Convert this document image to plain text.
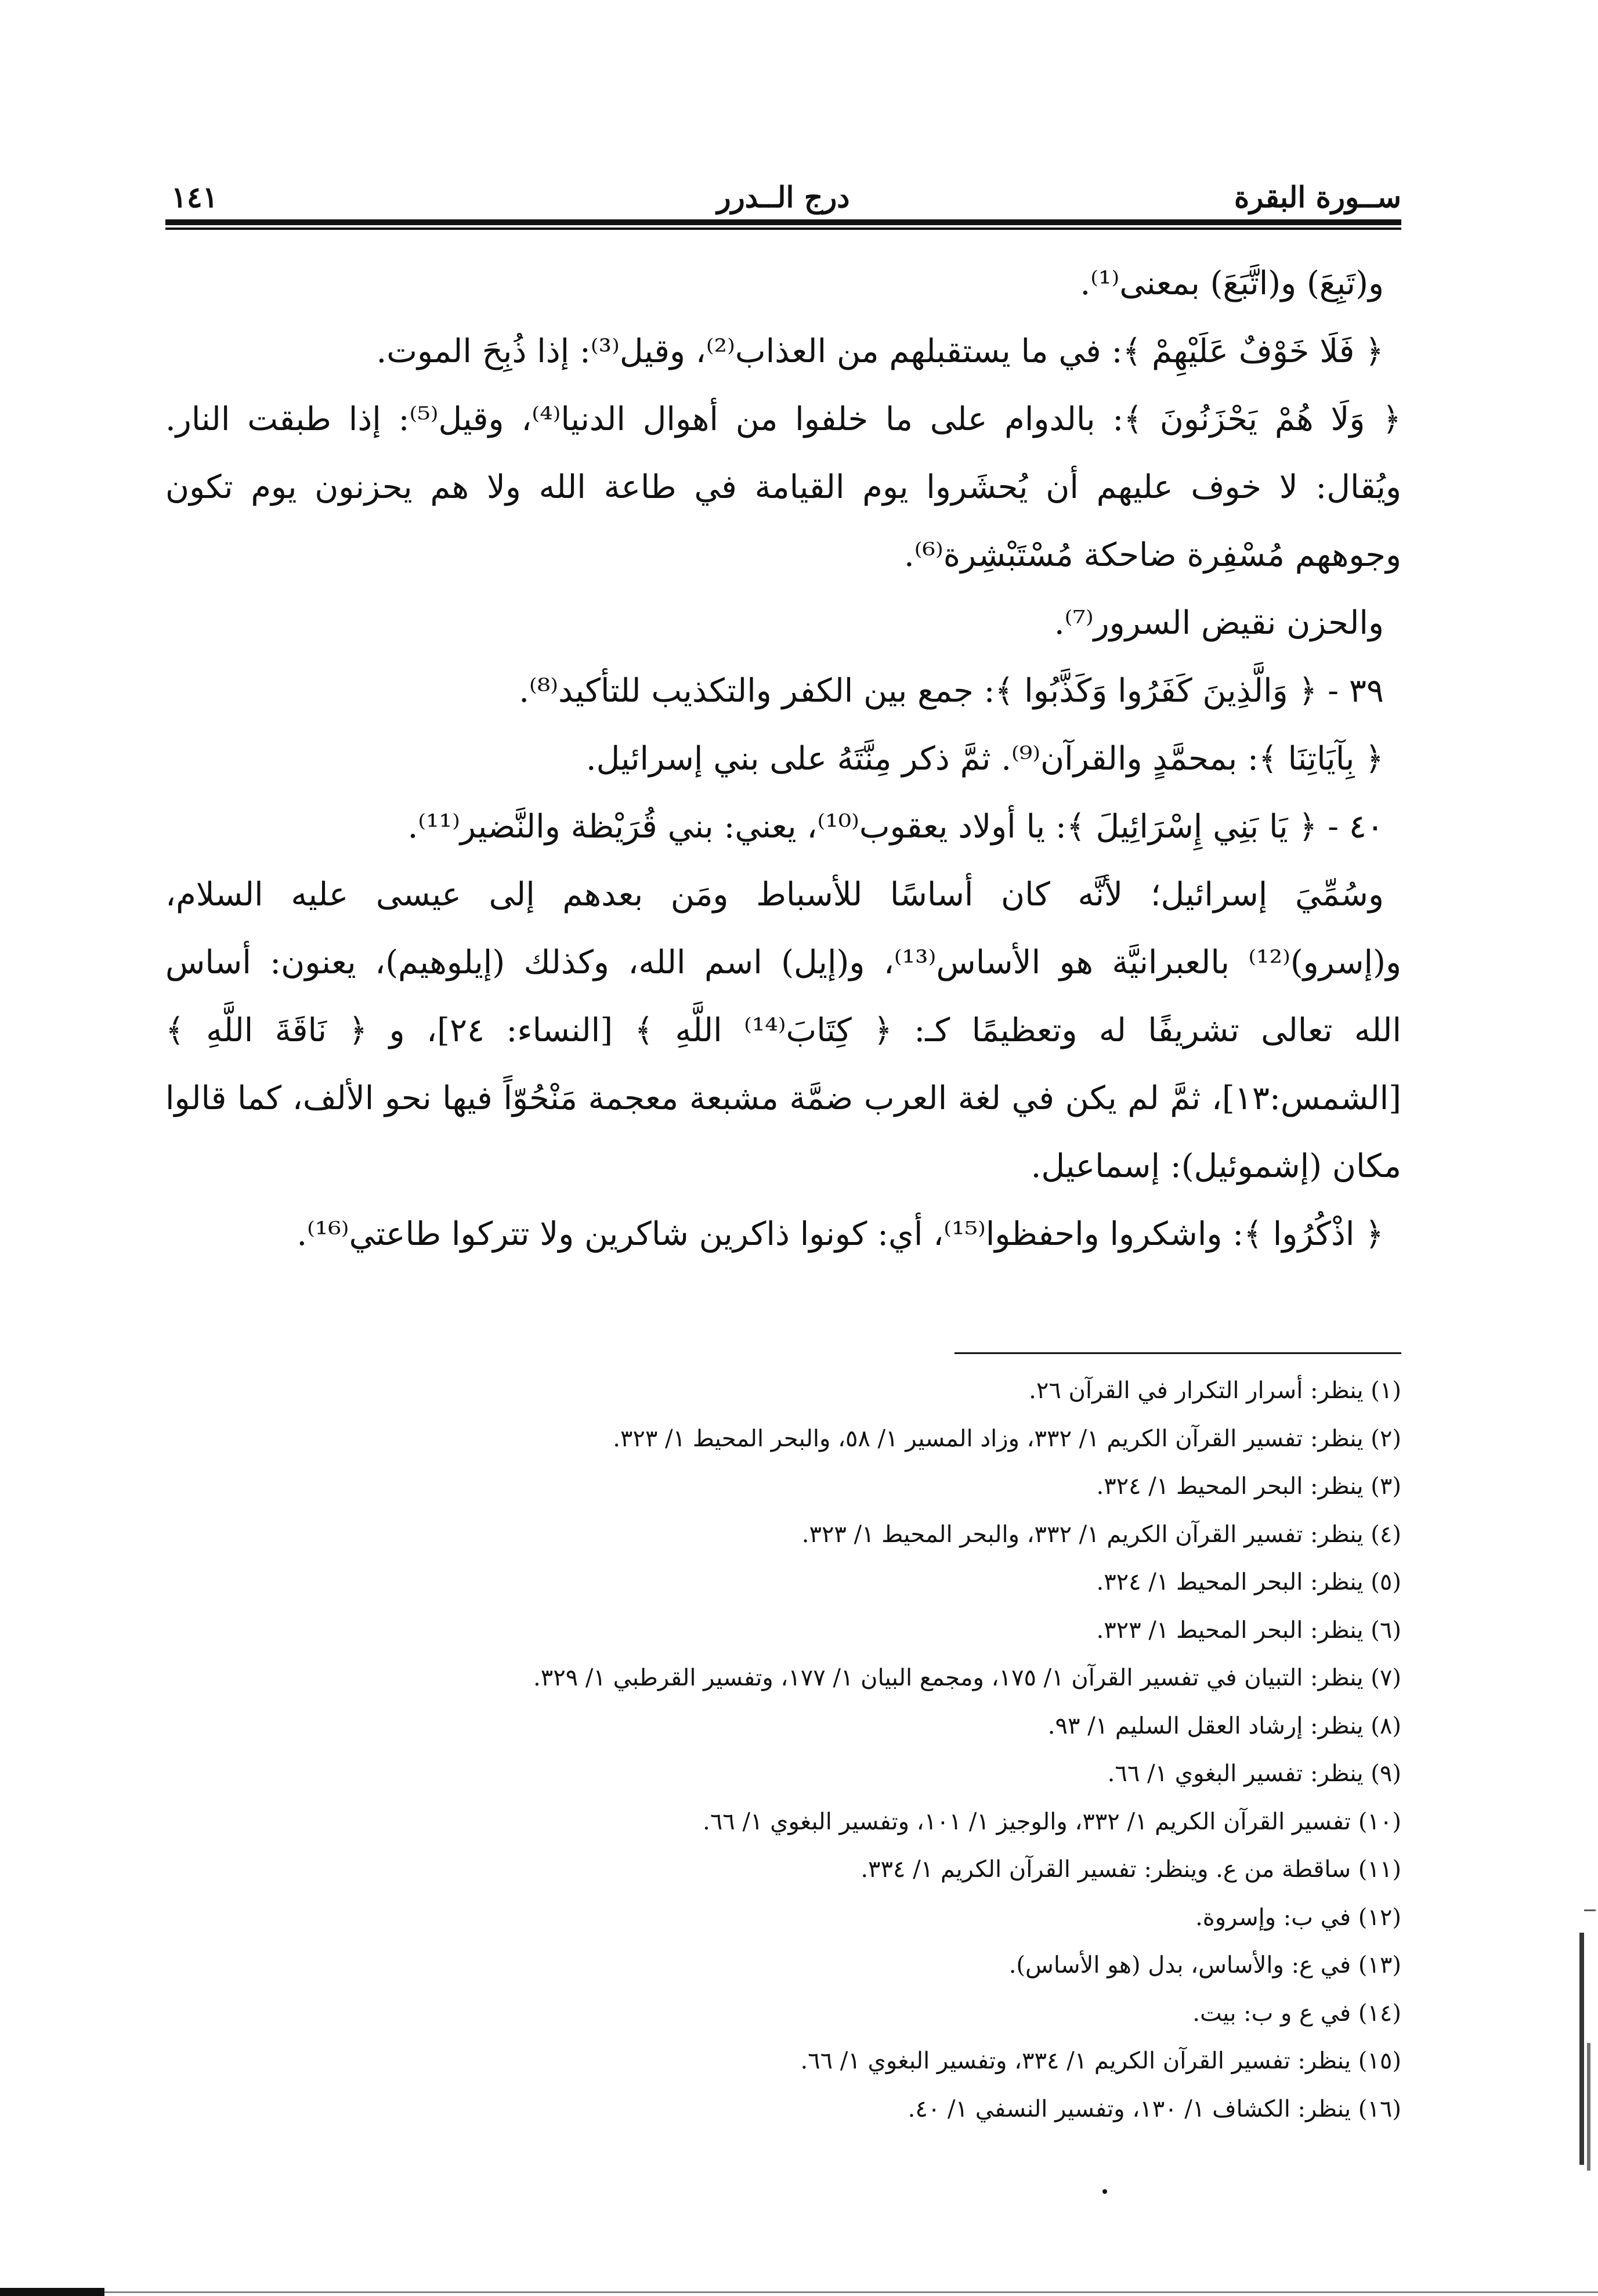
ســورة البقرة
درج الــدرر
١٤١
و(تَبِعَ) و(اتَّبَعَ) بمعنى⁽¹⁾.
﴿ فَلَا خَوْفٌ عَلَيْهِمْ ﴾: في ما يستقبلهم من العذاب⁽²⁾، وقيل⁽³⁾: إذا ذُبِحَ الموت.
﴿ وَلَا هُمْ يَحْزَنُونَ ﴾: بالدوام على ما خلفوا من أهوال الدنيا⁽⁴⁾، وقيل⁽⁵⁾: إذا طبقت النار.
ويُقال: لا خوف عليهم أن يُحشَروا يوم القيامة في طاعة الله ولا هم يحزنون يوم تكون
وجوههم مُسْفِرة ضاحكة مُسْتَبْشِرة⁽⁶⁾.
والحزن نقيض السرور⁽⁷⁾.
٣٩ - ﴿ وَالَّذِينَ كَفَرُوا وَكَذَّبُوا ﴾: جمع بين الكفر والتكذيب للتأكيد⁽⁸⁾.
﴿ بِآيَاتِنَا ﴾: بمحمَّدٍ والقرآن⁽⁹⁾. ثمَّ ذكر مِنَّتَهُ على بني إسرائيل.
٤٠ - ﴿ يَا بَنِي إِسْرَائِيلَ ﴾: يا أولاد يعقوب⁽¹⁰⁾، يعني: بني قُرَيْظة والنَّضير⁽¹¹⁾.
وسُمِّيَ إسرائيل؛ لأنَّه كان أساسًا للأسباط ومَن بعدهم إلى عيسى عليه السلام،
و(إسرو)⁽¹²⁾ بالعبرانيَّة هو الأساس⁽¹³⁾، و(إيل) اسم الله، وكذلك (إيلوهيم)، يعنون: أساس
الله تعالى تشريفًا له وتعظيمًا كـ: ﴿ كِتَابَ⁽¹⁴⁾ اللَّهِ ﴾ [النساء: ٢٤]، و ﴿ نَاقَةَ اللَّهِ ﴾
[الشمس:١٣]، ثمَّ لم يكن في لغة العرب ضمَّة مشبعة معجمة مَنْحُوّاً فيها نحو الألف، كما قالوا
مكان (إشموئيل): إسماعيل.
﴿ اذْكُرُوا ﴾: واشكروا واحفظوا⁽¹⁵⁾، أي: كونوا ذاكرين شاكرين ولا تتركوا طاعتي⁽¹⁶⁾.
(١) ينظر: أسرار التكرار في القرآن ٢٦.
(٢) ينظر: تفسير القرآن الكريم ١/ ٣٣٢، وزاد المسير ١/ ٥٨، والبحر المحيط ١/ ٣٢٣.
(٣) ينظر: البحر المحيط ١/ ٣٢٤.
(٤) ينظر: تفسير القرآن الكريم ١/ ٣٣٢، والبحر المحيط ١/ ٣٢٣.
(٥) ينظر: البحر المحيط ١/ ٣٢٤.
(٦) ينظر: البحر المحيط ١/ ٣٢٣.
(٧) ينظر: التبيان في تفسير القرآن ١/ ١٧٥، ومجمع البيان ١/ ١٧٧، وتفسير القرطبي ١/ ٣٢٩.
(٨) ينظر: إرشاد العقل السليم ١/ ٩٣.
(٩) ينظر: تفسير البغوي ١/ ٦٦.
(١٠) تفسير القرآن الكريم ١/ ٣٣٢، والوجيز ١/ ١٠١، وتفسير البغوي ١/ ٦٦.
(١١) ساقطة من ع. وينظر: تفسير القرآن الكريم ١/ ٣٣٤.
(١٢) في ب: وإسروة.
(١٣) في ع: والأساس، بدل (هو الأساس).
(١٤) في ع و ب: بيت.
(١٥) ينظر: تفسير القرآن الكريم ١/ ٣٣٤، وتفسير البغوي ١/ ٦٦.
(١٦) ينظر: الكشاف ١/ ١٣٠، وتفسير النسفي ١/ ٤٠.
